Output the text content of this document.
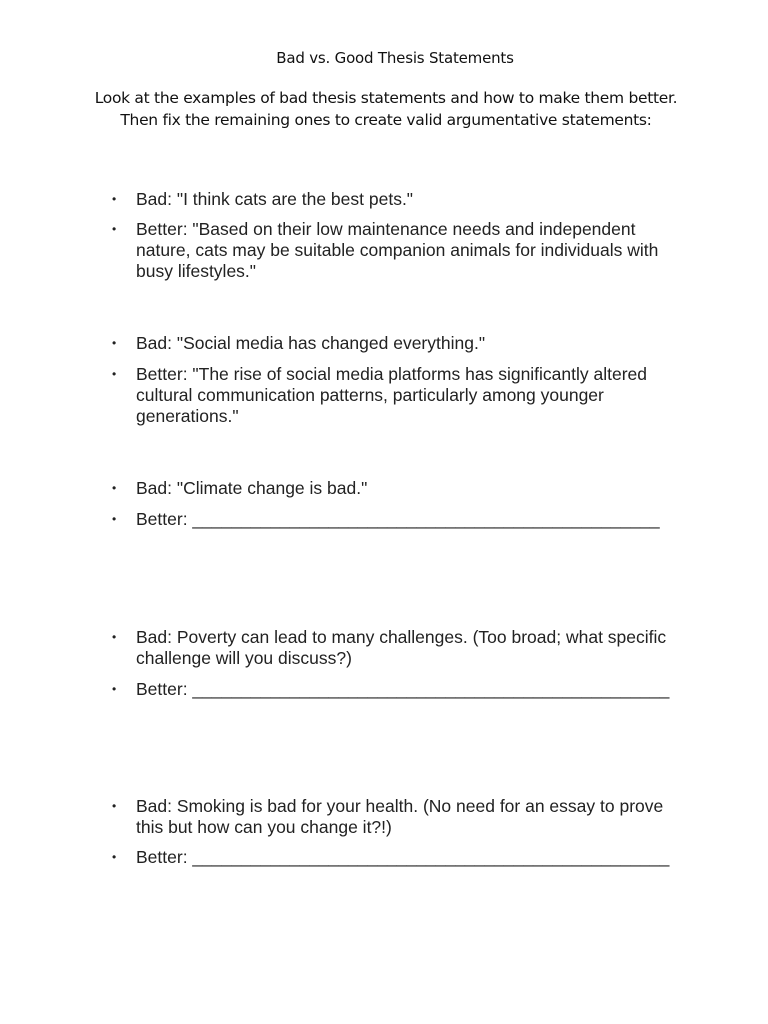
Bad vs. Good Thesis Statements
Look at the examples of bad thesis statements and how to make them better.
Then fix the remaining ones to create valid argumentative statements:
•	Bad: "I think cats are the best pets."
•	Better: "Based on their low maintenance needs and independent nature, cats may be suitable companion animals for individuals with busy lifestyles."
•	Bad: "Social media has changed everything."
•	Better: "The rise of social media platforms has significantly altered cultural communication patterns, particularly among younger generations."
•	Bad: "Climate change is bad."
•	Better: ________________________________________________
•	Bad: Poverty can lead to many challenges. (Too broad; what specific challenge will you discuss?)
•	Better: _________________________________________________
•	Bad: Smoking is bad for your health. (No need for an essay to prove this but how can you change it?!)
•	Better: _________________________________________________
